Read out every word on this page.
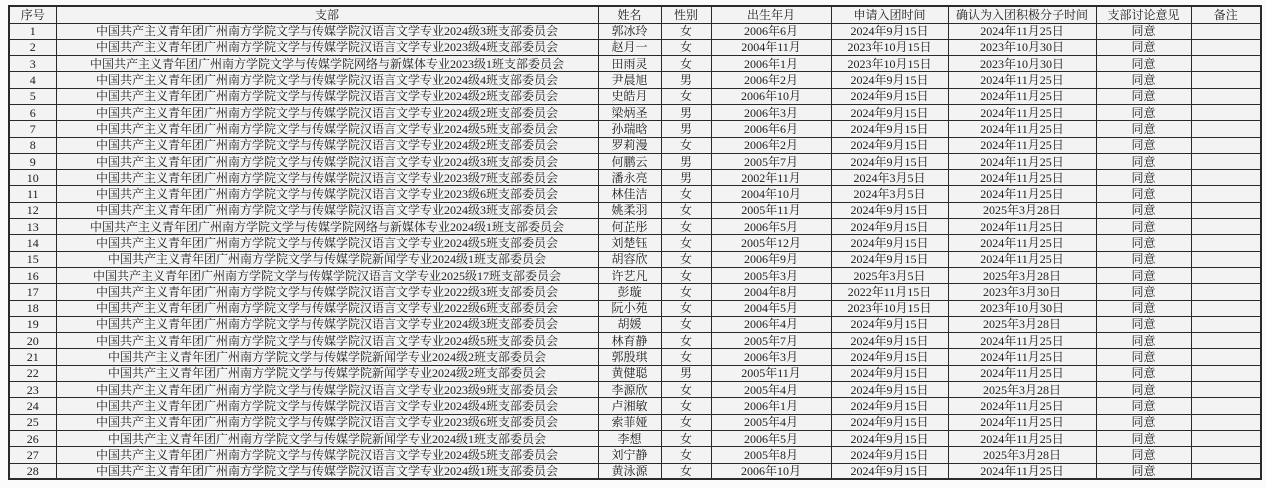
序号	支部	姓名	性别	出生年月	申请入团时间	确认为入团积极分子时间	支部讨论意见	备注
1	中国共产主义青年团广州南方学院文学与传媒学院汉语言文学专业2024级3班支部委员会	郭冰玲	女	2006年6月	2024年9月15日	2024年11月25日	同意	
2	中国共产主义青年团广州南方学院文学与传媒学院汉语言文学专业2023级4班支部委员会	赵月一	女	2004年11月	2023年10月15日	2023年10月30日	同意	
3	中国共产主义青年团广州南方学院文学与传媒学院网络与新媒体专业2023级1班支部委员会	田雨灵	女	2006年1月	2023年10月15日	2023年10月30日	同意	
4	中国共产主义青年团广州南方学院文学与传媒学院汉语言文学专业2024级4班支部委员会	尹晨旭	男	2006年2月	2024年9月15日	2024年11月25日	同意	
5	中国共产主义青年团广州南方学院文学与传媒学院汉语言文学专业2024级2班支部委员会	史皓月	女	2006年10月	2024年9月15日	2024年11月25日	同意	
6	中国共产主义青年团广州南方学院文学与传媒学院汉语言文学专业2024级2班支部委员会	梁炳圣	男	2006年3月	2024年9月15日	2024年11月25日	同意	
7	中国共产主义青年团广州南方学院文学与传媒学院汉语言文学专业2024级5班支部委员会	孙瑞晗	男	2006年6月	2024年9月15日	2024年11月25日	同意	
8	中国共产主义青年团广州南方学院文学与传媒学院汉语言文学专业2024级2班支部委员会	罗莉漫	女	2006年2月	2024年9月15日	2024年11月25日	同意	
9	中国共产主义青年团广州南方学院文学与传媒学院汉语言文学专业2024级3班支部委员会	何鹏云	男	2005年7月	2024年9月15日	2024年11月25日	同意	
10	中国共产主义青年团广州南方学院文学与传媒学院汉语言文学专业2023级7班支部委员会	潘永亮	男	2002年11月	2024年3月5日	2024年11月25日	同意	
11	中国共产主义青年团广州南方学院文学与传媒学院汉语言文学专业2023级6班支部委员会	林佳洁	女	2004年10月	2024年3月5日	2024年11月25日	同意	
12	中国共产主义青年团广州南方学院文学与传媒学院汉语言文学专业2024级3班支部委员会	姚柔羽	女	2005年11月	2024年9月15日	2025年3月28日	同意	
13	中国共产主义青年团广州南方学院文学与传媒学院网络与新媒体专业2024级1班支部委员会	何芷彤	女	2006年5月	2024年9月15日	2024年11月25日	同意	
14	中国共产主义青年团广州南方学院文学与传媒学院汉语言文学专业2024级5班支部委员会	刘楚钰	女	2005年12月	2024年9月15日	2024年11月25日	同意	
15	中国共产主义青年团广州南方学院文学与传媒学院新闻学专业2024级1班支部委员会	胡容欣	女	2006年9月	2024年9月15日	2024年11月25日	同意	
16	中国共产主义青年团广州南方学院文学与传媒学院汉语言文学专业2025级17班支部委员会	许艺凡	女	2005年3月	2025年3月5日	2025年3月28日	同意	
17	中国共产主义青年团广州南方学院文学与传媒学院汉语言文学专业2022级3班支部委员会	彭璇	女	2004年8月	2022年11月15日	2023年3月30日	同意	
18	中国共产主义青年团广州南方学院文学与传媒学院汉语言文学专业2022级6班支部委员会	阮小苑	女	2004年5月	2023年10月15日	2023年10月30日	同意	
19	中国共产主义青年团广州南方学院文学与传媒学院汉语言文学专业2024级3班支部委员会	胡媛	女	2006年4月	2024年9月15日	2025年3月28日	同意	
20	中国共产主义青年团广州南方学院文学与传媒学院汉语言文学专业2024级5班支部委员会	林育静	女	2005年7月	2024年9月15日	2024年11月25日	同意	
21	中国共产主义青年团广州南方学院文学与传媒学院新闻学专业2024级2班支部委员会	郭殷琪	女	2006年3月	2024年9月15日	2024年11月25日	同意	
22	中国共产主义青年团广州南方学院文学与传媒学院新闻学专业2024级2班支部委员会	黄健聪	男	2005年11月	2024年9月15日	2024年11月25日	同意	
23	中国共产主义青年团广州南方学院文学与传媒学院汉语言文学专业2023级9班支部委员会	李源欣	女	2005年4月	2024年9月15日	2025年3月28日	同意	
24	中国共产主义青年团广州南方学院文学与传媒学院汉语言文学专业2024级4班支部委员会	卢湘敏	女	2006年1月	2024年9月15日	2024年11月25日	同意	
25	中国共产主义青年团广州南方学院文学与传媒学院汉语言文学专业2023级6班支部委员会	索菲娅	女	2005年4月	2024年9月15日	2024年11月25日	同意	
26	中国共产主义青年团广州南方学院文学与传媒学院新闻学专业2024级1班支部委员会	李想	女	2006年5月	2024年9月15日	2024年11月25日	同意	
27	中国共产主义青年团广州南方学院文学与传媒学院汉语言文学专业2024级5班支部委员会	刘宁静	女	2005年8月	2024年9月15日	2025年3月28日	同意	
28	中国共产主义青年团广州南方学院文学与传媒学院汉语言文学专业2024级1班支部委员会	黄泳源	女	2006年10月	2024年9月15日	2024年11月25日	同意	
